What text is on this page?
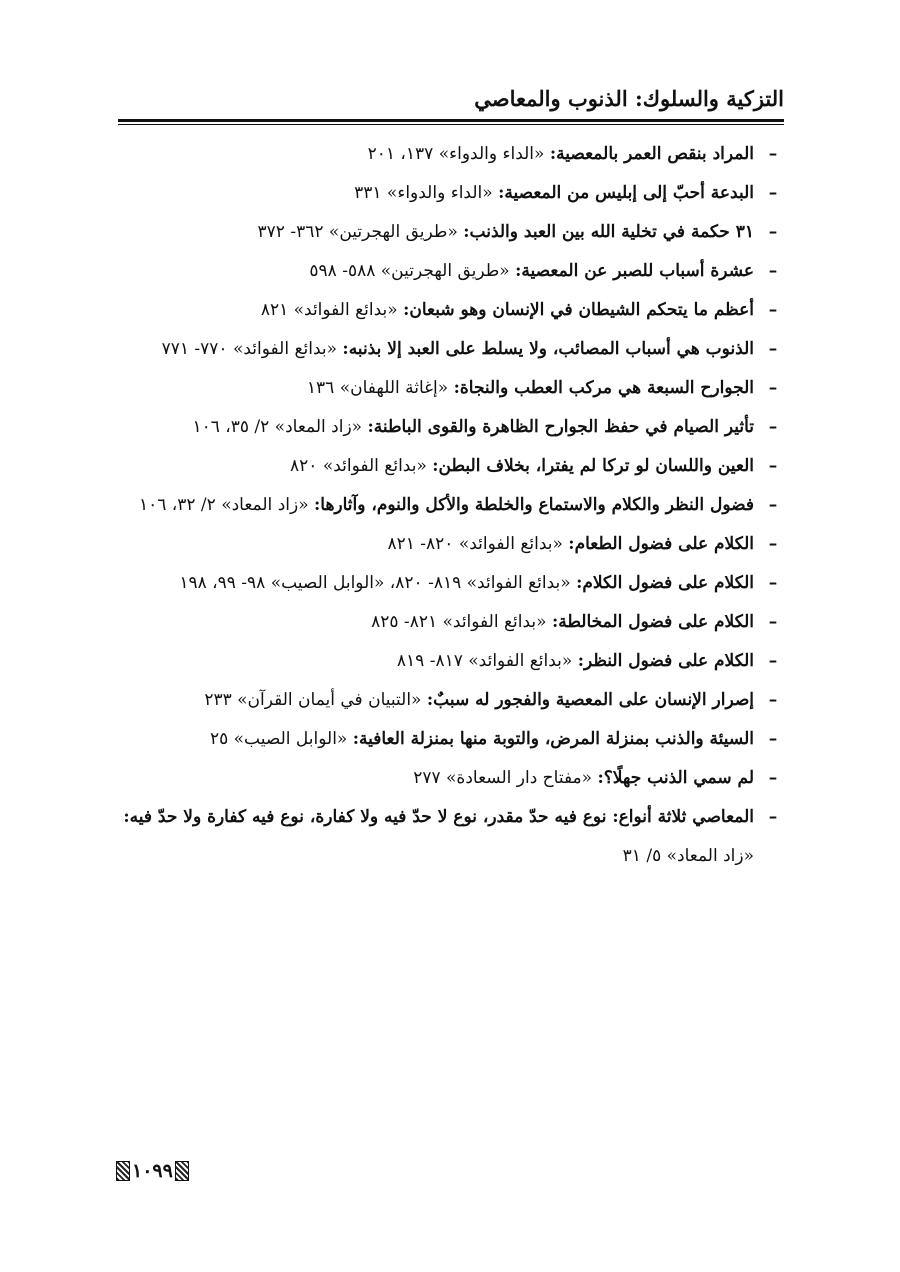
التزكية والسلوك: الذنوب والمعاصي
–
المراد بنقص العمر بالمعصية: «الداء والدواء» ١٣٧، ٢٠١
–
البدعة أحبّ إلى إبليس من المعصية: «الداء والدواء» ٣٣١
–
٣١ حكمة في تخلية الله بين العبد والذنب: «طريق الهجرتين» ٣٦٢- ٣٧٢
–
عشرة أسباب للصبر عن المعصية: «طريق الهجرتين» ٥٨٨- ٥٩٨
–
أعظم ما يتحكم الشيطان في الإنسان وهو شبعان: «بدائع الفوائد» ٨٢١
–
الذنوب هي أسباب المصائب، ولا يسلط على العبد إلا بذنبه: «بدائع الفوائد» ٧٧٠- ٧٧١
–
الجوارح السبعة هي مركب العطب والنجاة: «إغاثة اللهفان» ١٣٦
–
تأثير الصيام في حفظ الجوارح الظاهرة والقوى الباطنة: «زاد المعاد» ٢/ ٣٥، ١٠٦
–
العين واللسان لو تركا لم يفترا، بخلاف البطن: «بدائع الفوائد» ٨٢٠
–
فضول النظر والكلام والاستماع والخلطة والأكل والنوم، وآثارها: «زاد المعاد» ٢/ ٣٢، ١٠٦
–
الكلام على فضول الطعام: «بدائع الفوائد» ٨٢٠- ٨٢١
–
الكلام على فضول الكلام: «بدائع الفوائد» ٨١٩- ٨٢٠، «الوابل الصيب» ٩٨- ٩٩، ١٩٨
–
الكلام على فضول المخالطة: «بدائع الفوائد» ٨٢١- ٨٢٥
–
الكلام على فضول النظر: «بدائع الفوائد» ٨١٧- ٨١٩
–
إصرار الإنسان على المعصية والفجور له سببٌ: «التبيان في أيمان القرآن» ٢٣٣
–
السيئة والذنب بمنزلة المرض، والتوبة منها بمنزلة العافية: «الوابل الصيب» ٢٥
–
لم سمي الذنب جهلًا؟: «مفتاح دار السعادة» ٢٧٧
–
المعاصي ثلاثة أنواع: نوع فيه حدّ مقدر، نوع لا حدّ فيه ولا كفارة، نوع فيه كفارة ولا حدّ فيه: «زاد المعاد» ٥/ ٣١
١٠٩٩
